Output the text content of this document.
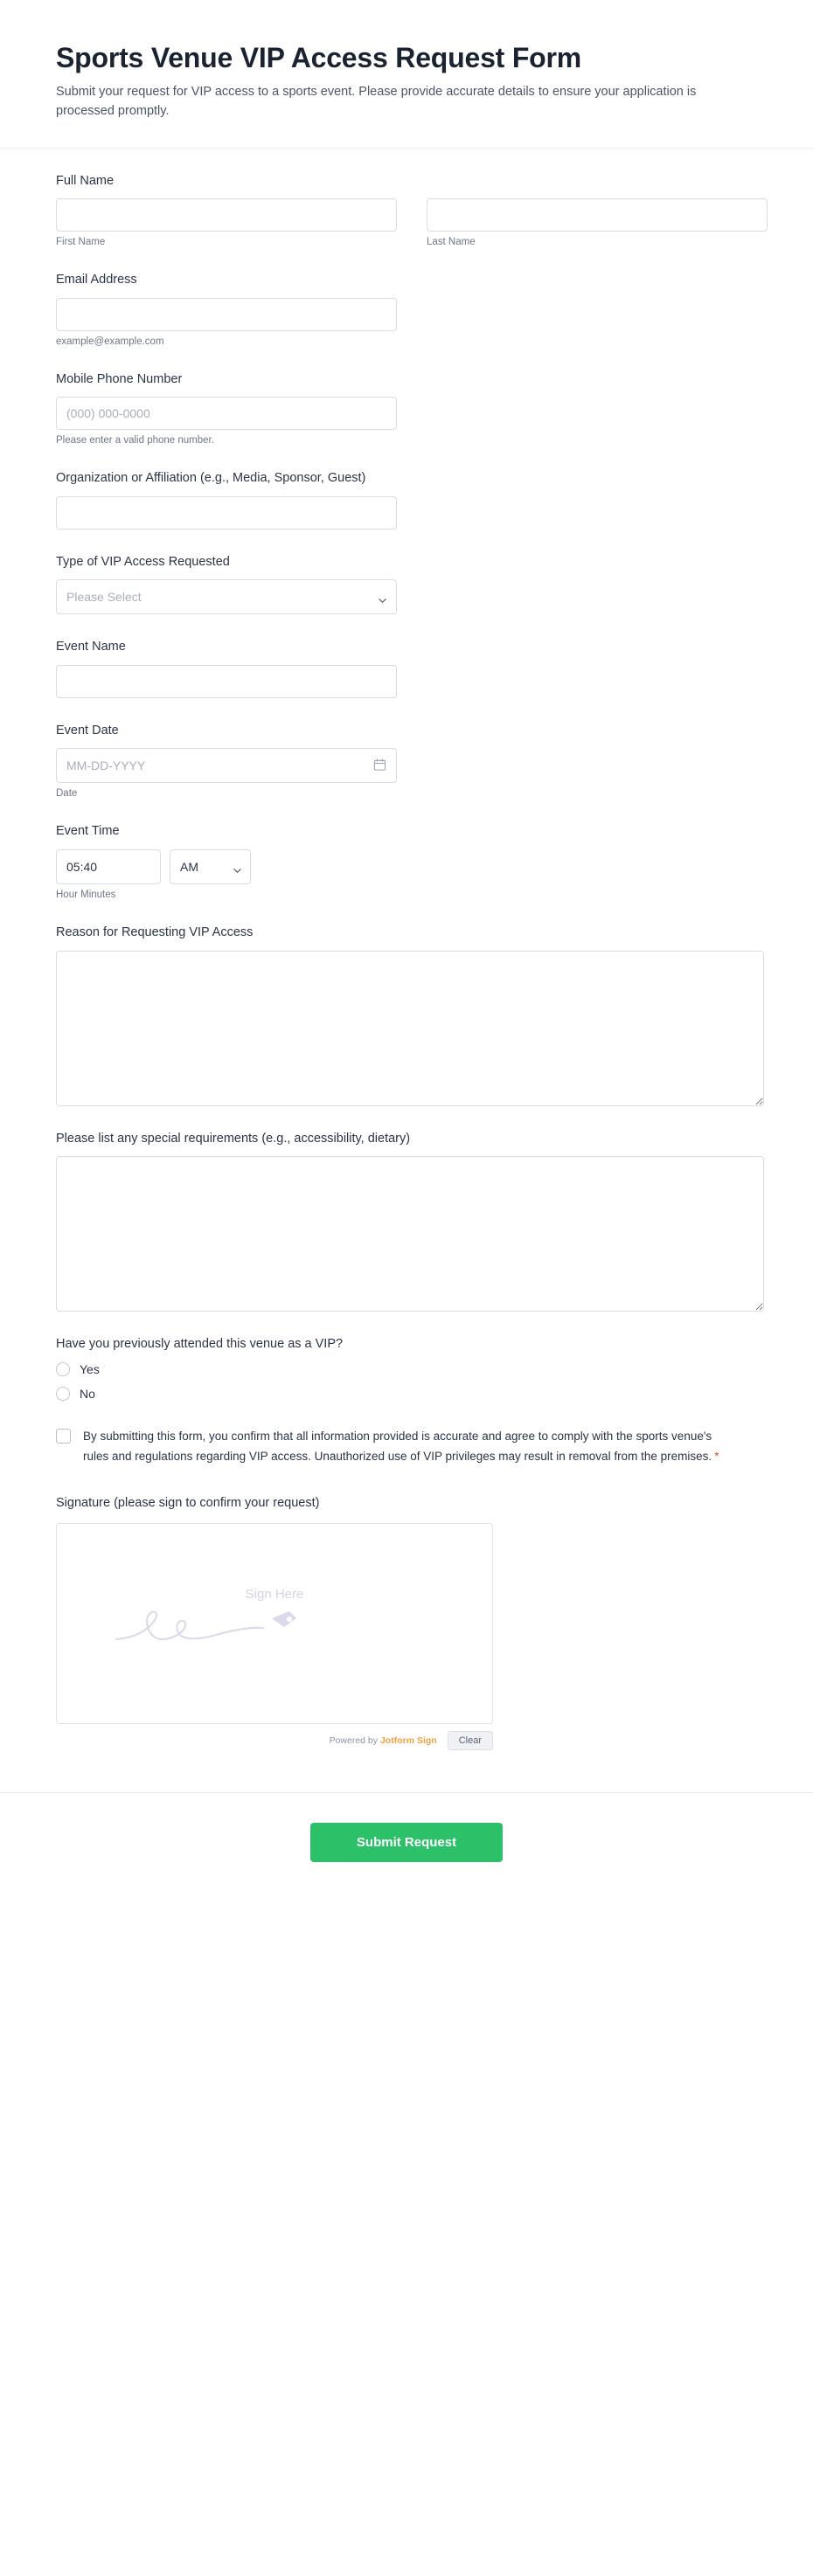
Sports Venue VIP Access Request Form

Submit your request for VIP access to a sports event. Please provide accurate details to ensure your application is processed promptly.

Full Name
First Name	Last Name
Email Address
example@example.com
Mobile Phone Number
(000) 000-0000
Please enter a valid phone number.
Organization or Affiliation (e.g., Media, Sponsor, Guest)
Type of VIP Access Requested
Please Select
Event Name
Event Date
MM-DD-YYYY
Date
Event Time
05:40
AM
Hour Minutes
Reason for Requesting VIP Access
Please list any special requirements (e.g., accessibility, dietary)
Have you previously attended this venue as a VIP?
Yes
No
By submitting this form, you confirm that all information provided is accurate and agree to comply with the sports venue's rules and regulations regarding VIP access. Unauthorized use of VIP privileges may result in removal from the premises. *
Signature (please sign to confirm your request)
Sign Here
Powered by Jotform Sign	Clear
Submit Request
